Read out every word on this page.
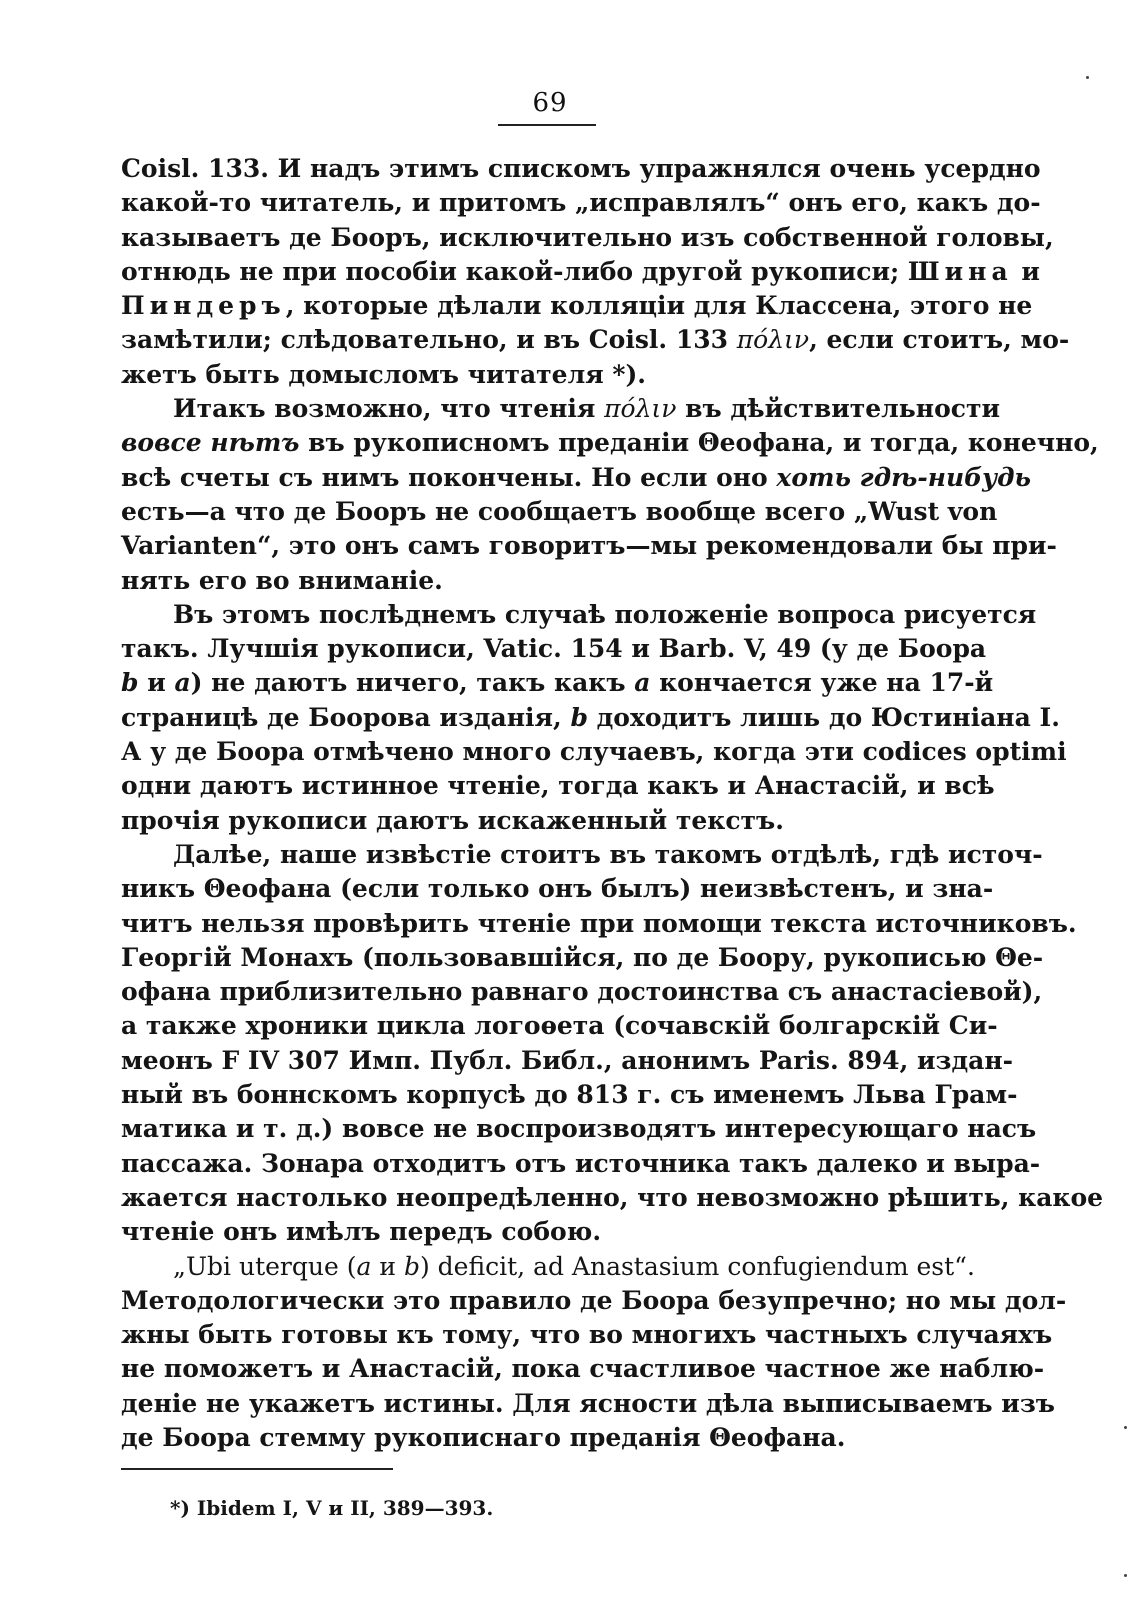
69
Coisl. 133. И надъ этимъ спискомъ упражнялся очень усердно
какой-то читатель, и притомъ „исправлялъ“ онъ его, какъ до-
казываетъ де Бооръ, исключительно изъ собственной головы,
отнюдь не при пособіи какой-либо другой рукописи; Шина и
Пиндеръ, которые дѣлали колляціи для Классена, этого не
замѣтили; слѣдовательно, и въ Coisl. 133 πόλιν, если стоитъ, мо-
жетъ быть домысломъ читателя *).
Итакъ возможно, что чтенія πόλιν въ дѣйствительности
вовсе нѣтъ въ рукописномъ преданіи Θеофана, и тогда, конечно,
всѣ счеты съ нимъ покончены. Но если оно хоть гдѣ-нибудь
есть—а что де Бооръ не сообщаетъ вообще всего „Wust von
Varianten“, это онъ самъ говоритъ—мы рекомендовали бы при-
нять его во вниманіе.
Въ этомъ послѣднемъ случаѣ положеніе вопроса рисуется
такъ. Лучшія рукописи, Vatic. 154 и Barb. V, 49 (у де Боора
b и a) не даютъ ничего, такъ какъ a кончается уже на 17-й
страницѣ де Боорова изданія, b доходитъ лишь до Юстиніана I.
А у де Боора отмѣчено много случаевъ, когда эти codices optimi
одни даютъ истинное чтеніе, тогда какъ и Анастасій, и всѣ
прочія рукописи даютъ искаженный текстъ.
Далѣе, наше извѣстіе стоитъ въ такомъ отдѣлѣ, гдѣ источ-
никъ Θеофана (если только онъ былъ) неизвѣстенъ, и зна-
читъ нельзя провѣрить чтеніе при помощи текста источниковъ.
Георгій Монахъ (пользовавшійся, по де Боору, рукописью Θе-
офана приблизительно равнаго достоинства съ анастасіевой),
а также хроники цикла логоѳета (сочавскій болгарскій Си-
меонъ F IV 307 Имп. Публ. Библ., анонимъ Paris. 894, издан-
ный въ боннскомъ корпусѣ до 813 г. съ именемъ Льва Грам-
матика и т. д.) вовсе не воспроизводятъ интересующаго насъ
пассажа. Зонара отходитъ отъ источника такъ далеко и выра-
жается настолько неопредѣленно, что невозможно рѣшить, какое
чтеніе онъ имѣлъ передъ собою.
„Ubi uterque (a и b) deficit, ad Anastasium confugiendum est“.
Методологически это правило де Боора безупречно; но мы дол-
жны быть готовы къ тому, что во многихъ частныхъ случаяхъ
не поможетъ и Анастасій, пока счастливое частное же наблю-
деніе не укажетъ истины. Для ясности дѣла выписываемъ изъ
де Боора стемму рукописнаго преданія Θеофана.
*) Ibidem I, V и II, 389—393.
